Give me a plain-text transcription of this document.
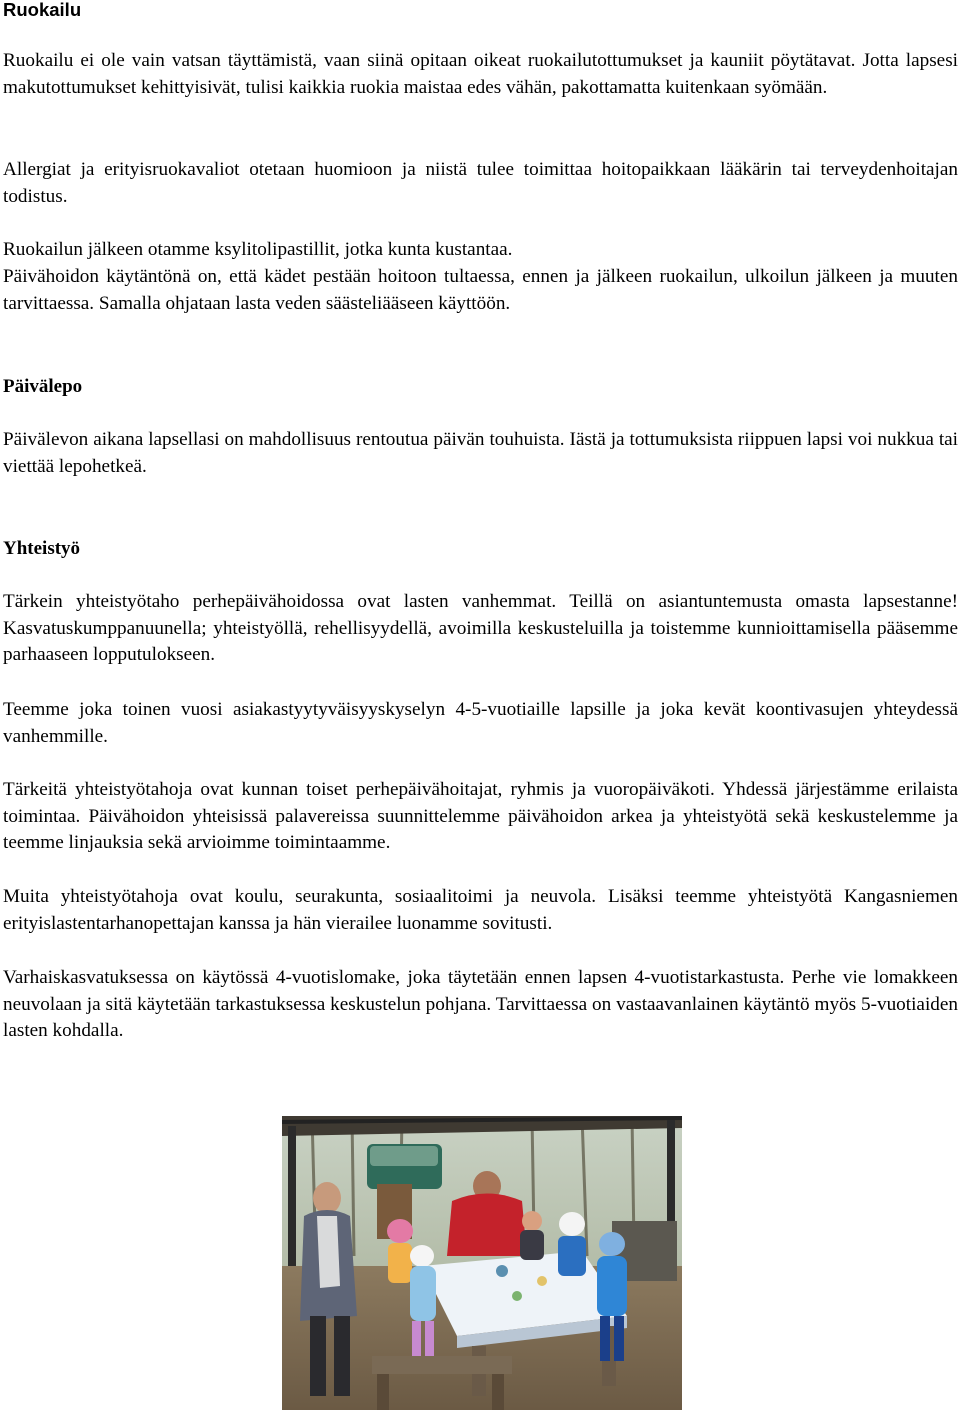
Ruokailu

Ruokailu ei ole vain vatsan täyttämistä, vaan siinä opitaan oikeat ruokailutottumukset ja kauniit pöytätavat. Jotta lapsesi makutottumukset kehittyisivät, tulisi kaikkia ruokia maistaa edes vähän, pakottamatta kuitenkaan syömään.

Allergiat ja erityisruokavaliot otetaan huomioon ja niistä tulee toimittaa hoitopaikkaan lääkärin tai terveydenhoitajan todistus.

Ruokailun jälkeen otamme ksylitolipastillit, jotka kunta kustantaa.

Päivähoidon käytäntönä on, että kädet pestään hoitoon tultaessa, ennen ja jälkeen ruokailun, ulkoilun jälkeen ja muuten tarvittaessa. Samalla ohjataan lasta veden säästeliääseen käyttöön.

Päivälepo

Päivälevon aikana lapsellasi on mahdollisuus rentoutua päivän touhuista. Iästä ja tottumuksista riippuen lapsi voi nukkua tai viettää lepohetkeä.

Yhteistyö

Tärkein yhteistyötaho perhepäivähoidossa ovat lasten vanhemmat. Teillä on asiantuntemusta omasta lapsestanne! Kasvatuskumppanuunella; yhteistyöllä, rehellisyydellä, avoimilla keskusteluilla ja toistemme kunnioittamisella pääsemme parhaaseen lopputulokseen.

Teemme joka toinen vuosi asiakastyytyväisyyskyselyn 4-5-vuotiaille lapsille ja joka kevät koontivasujen yhteydessä vanhemmille.

Tärkeitä yhteistyötahoja ovat kunnan toiset perhepäivähoitajat, ryhmis ja vuoropäiväkoti. Yhdessä järjestämme erilaista toimintaa. Päivähoidon yhteisissä palavereissa suunnittelemme päivähoidon arkea ja yhteistyötä sekä keskustelemme ja teemme linjauksia sekä arvioimme toimintaamme.

Muita yhteistyötahoja ovat koulu, seurakunta, sosiaalitoimi ja neuvola. Lisäksi teemme yhteistyötä Kangasniemen erityislastentarhanopettajan kanssa ja hän vierailee luonamme sovitusti.

Varhaiskasvatuksessa on käytössä 4-vuotislomake, joka täytetään ennen lapsen 4-vuotistarkastusta. Perhe vie lomakkeen neuvolaan ja sitä käytetään tarkastuksessa keskustelun pohjana. Tarvittaessa on vastaavanlainen käytäntö myös 5-vuotiaiden lasten kohdalla.
